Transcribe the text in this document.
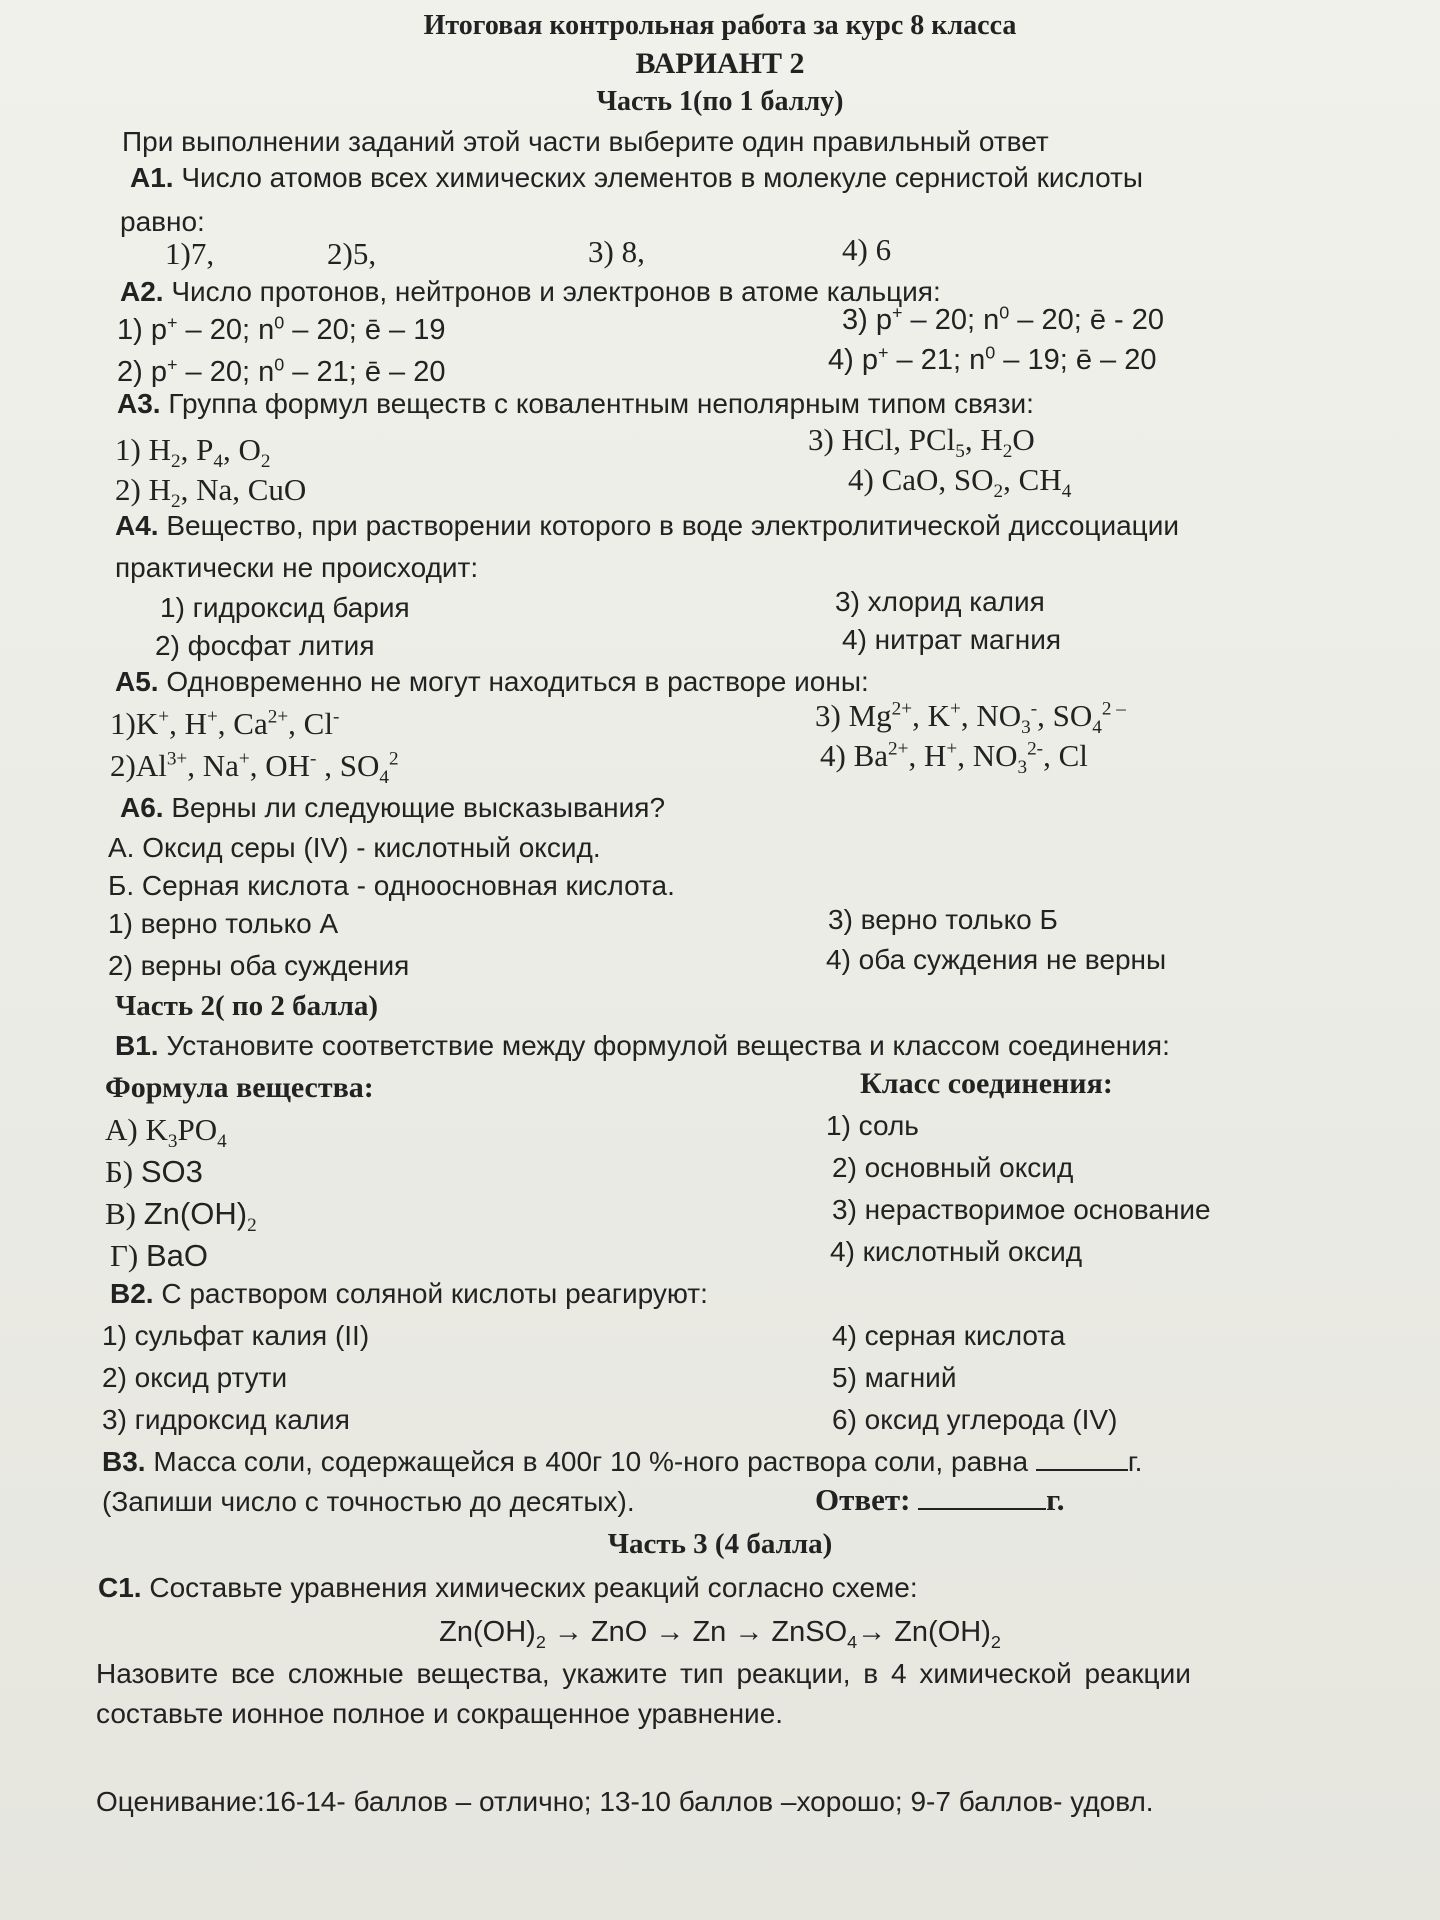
Итоговая контрольная работа за курс 8 класса
ВАРИАНТ 2
Часть 1(по 1 баллу)
При выполнении заданий этой части выберите один правильный ответ
А1. Число атомов всех химических элементов в молекуле сернистой кислоты
равно:
1)7,	2)5,	3) 8,	4) 6
А2. Число протонов, нейтронов и электронов в атоме кальция:
1) p+ – 20; $n^0 - 20$; ē – 19
2) p+ – 20; $n^0 - 21$; ē – 20
3) p+ – 20; $n^0 - 20$; ē - 20
4) p+ – 21; $n^0 - 19$; ē – 20
А3. Группа формул веществ с ковалентным неполярным типом связи:
1) $H_2$, $P_4$, $O_2$
2) $H_2$, Na, CuO
3) HCl, PCl$_5$, $H_2O$
4) CaO, $SO_2$, $CH_4$
А4. Вещество, при растворении которого в воде электролитической диссоциации
практически не происходит:
1) гидроксид бария
2) фосфат лития
3) хлорид калия
4) нитрат магния
А5. Одновременно не могут находиться в растворе ионы:
1)K+, H+, $Ca^{2+}$, Cl-
$2)Al^{3+}$, Na+, OH- , $SO_4^2$
3) $Mg^{2+}$, K+, $NO_3^-$, $SO_4^{2 -}$
4) $Ba^{2+}$, H+, $NO_3^{2-}$, Cl
А6. Верны ли следующие высказывания?
А. Оксид серы (IV) - кислотный оксид.
Б. Серная кислота - одноосновная кислота.
1) верно только А
2) верны оба суждения
3) верно только Б
4) оба суждения не верны
Часть 2( по 2 балла)
В1. Установите соответствие между формулой вещества и классом соединения:
Формула вещества:	Класс соединения:
А) $K_3PO_4$
Б) SO3
В) $Zn(OH)_2$
Г) BaO
1) соль
2) основный оксид
3) нерастворимое основание
4) кислотный оксид
В2. С раствором соляной кислоты реагируют:
1) сульфат калия (II)
2) оксид ртути
3) гидроксид калия
4) серная кислота
5) магний
6) оксид углерода (IV)
В3. Масса соли, содержащейся в 400г 10 %-ного раствора соли, равна	г.
(Запиши число с точностью до десятых).	Ответ:	г.
Часть 3 (4 балла)
С1. Составьте уравнения химических реакций согласно схеме:
$Zn(OH)_2$ → ZnO → Zn → ZnSO$_4$→ $Zn(OH)_2$
Назовите все сложные вещества, укажите тип реакции, в 4 химической реакции
составьте ионное полное и сокращенное уравнение.
Оценивание:16-14- баллов – отлично; 13-10 баллов –хорошо; 9-7 баллов- удовл.
